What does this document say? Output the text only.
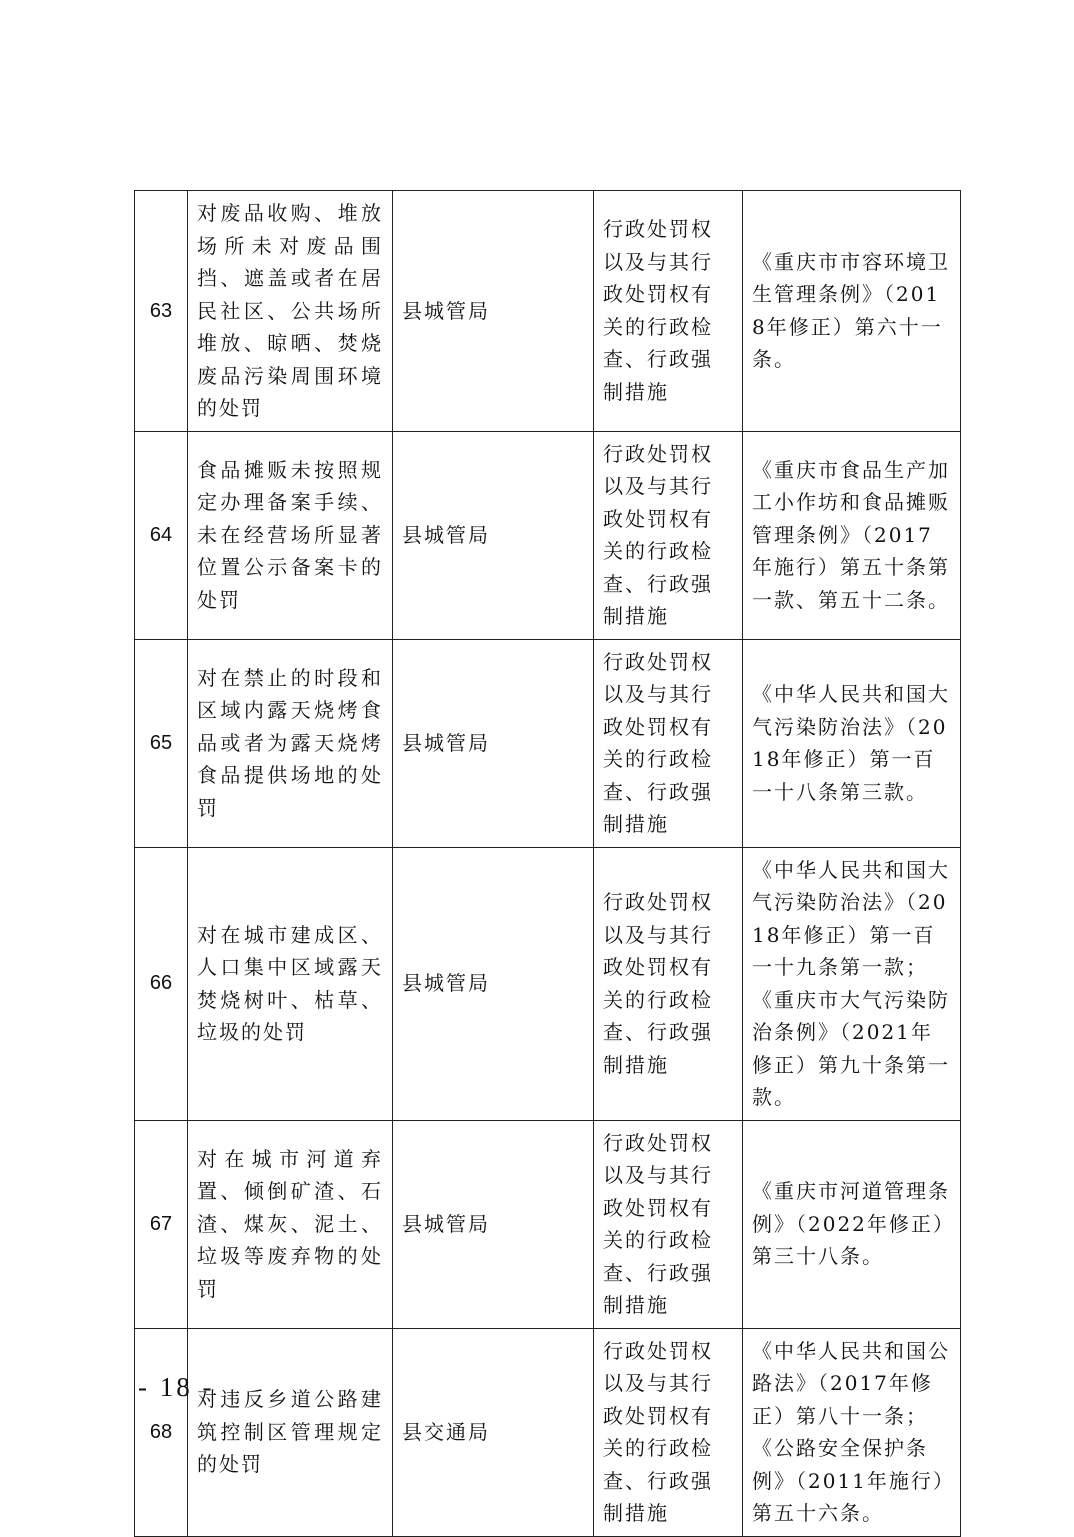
63	对废品收购、堆放场所未对废品围挡、遮盖或者在居民社区、公共场所堆放、晾晒、焚烧废品污染周围环境的处罚	县城管局	行政处罚权以及与其行政处罚权有关的行政检查、行政强制措施	《重庆市市容环境卫生管理条例》（2018年修正）第六十一条。
64	食品摊贩未按照规定办理备案手续、未在经营场所显著位置公示备案卡的处罚	县城管局	行政处罚权以及与其行政处罚权有关的行政检查、行政强制措施	《重庆市食品生产加工小作坊和食品摊贩管理条例》（2017年施行）第五十条第一款、第五十二条。
65	对在禁止的时段和区域内露天烧烤食品或者为露天烧烤食品提供场地的处罚	县城管局	行政处罚权以及与其行政处罚权有关的行政检查、行政强制措施	《中华人民共和国大气污染防治法》（2018年修正）第一百一十八条第三款。
66	对在城市建成区、人口集中区域露天焚烧树叶、枯草、垃圾的处罚	县城管局	行政处罚权以及与其行政处罚权有关的行政检查、行政强制措施	《中华人民共和国大气污染防治法》（2018年修正）第一百一十九条第一款；《重庆市大气污染防治条例》（2021年修正）第九十条第一款。
67	对在城市河道弃置、倾倒矿渣、石渣、煤灰、泥土、垃圾等废弃物的处罚	县城管局	行政处罚权以及与其行政处罚权有关的行政检查、行政强制措施	《重庆市河道管理条例》（2022年修正）第三十八条。
68	对违反乡道公路建筑控制区管理规定的处罚	县交通局	行政处罚权以及与其行政处罚权有关的行政检查、行政强制措施	《中华人民共和国公路法》（2017年修正）第八十一条；《公路安全保护条例》（2011年施行）第五十六条。
- 18 -
